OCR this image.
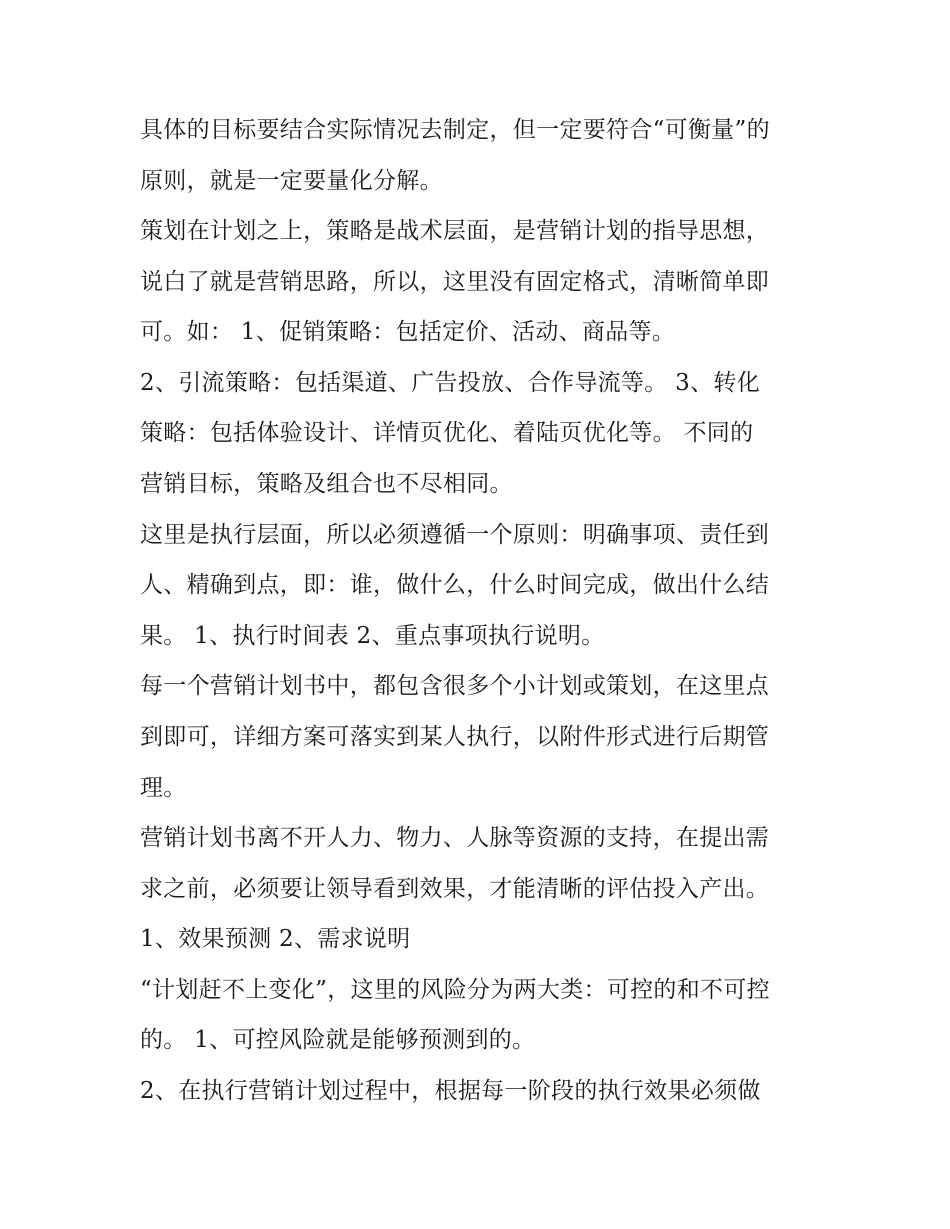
具体的目标要结合实际情况去制定，但一定要符合“可衡量”的
原则，就是一定要量化分解。
策划在计划之上，策略是战术层面，是营销计划的指导思想，
说白了就是营销思路，所以，这里没有固定格式，清晰简单即
可。如： 1、促销策略：包括定价、活动、商品等。
2、引流策略：包括渠道、广告投放、合作导流等。 3、转化
策略：包括体验设计、详情页优化、着陆页优化等。 不同的
营销目标，策略及组合也不尽相同。
这里是执行层面，所以必须遵循一个原则：明确事项、责任到
人、精确到点，即：谁，做什么，什么时间完成，做出什么结
果。 1、执行时间表 2、重点事项执行说明。
每一个营销计划书中，都包含很多个小计划或策划，在这里点
到即可，详细方案可落实到某人执行，以附件形式进行后期管
理。
营销计划书离不开人力、物力、人脉等资源的支持，在提出需
求之前，必须要让领导看到效果，才能清晰的评估投入产出。
1、效果预测 2、需求说明
“计划赶不上变化”，这里的风险分为两大类：可控的和不可控
的。 1、可控风险就是能够预测到的。
2、在执行营销计划过程中，根据每一阶段的执行效果必须做
